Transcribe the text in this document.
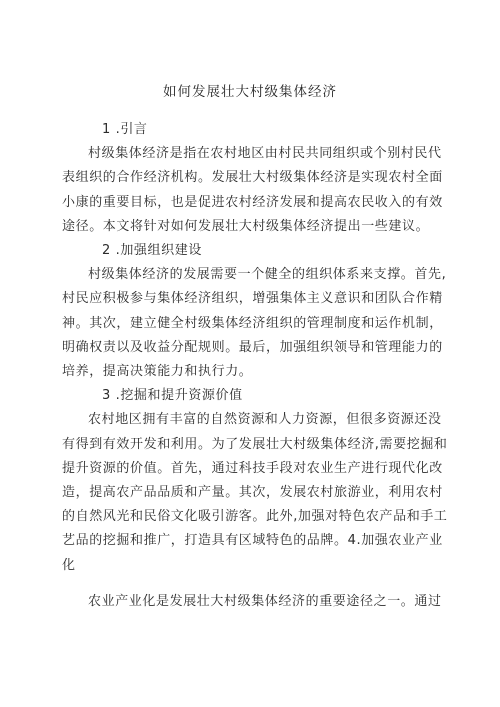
如何发展壮大村级集体经济
1 .引言

村级集体经济是指在农村地区由村民共同组织或个别村民代

表组织的合作经济机构。发展壮大村级集体经济是实现农村全面

小康的重要目标，也是促进农村经济发展和提高农民收入的有效

途径。本文将针对如何发展壮大村级集体经济提出一些建议。

2 .加强组织建设

村级集体经济的发展需要一个健全的组织体系来支撑。首先,

村民应积极参与集体经济组织，增强集体主义意识和团队合作精

神。其次，建立健全村级集体经济组织的管理制度和运作机制，

明确权责以及收益分配规则。最后，加强组织领导和管理能力的

培养，提高决策能力和执行力。

3 .挖掘和提升资源价值

农村地区拥有丰富的自然资源和人力资源，但很多资源还没

有得到有效开发和利用。为了发展壮大村级集体经济,需要挖掘和

提升资源的价值。首先，通过科技手段对农业生产进行现代化改

造，提高农产品品质和产量。其次，发展农村旅游业，利用农村

的自然风光和民俗文化吸引游客。此外,加强对特色农产品和手工

艺品的挖掘和推广，打造具有区域特色的品牌。4.加强农业产业

化

农业产业化是发展壮大村级集体经济的重要途径之一。通过
